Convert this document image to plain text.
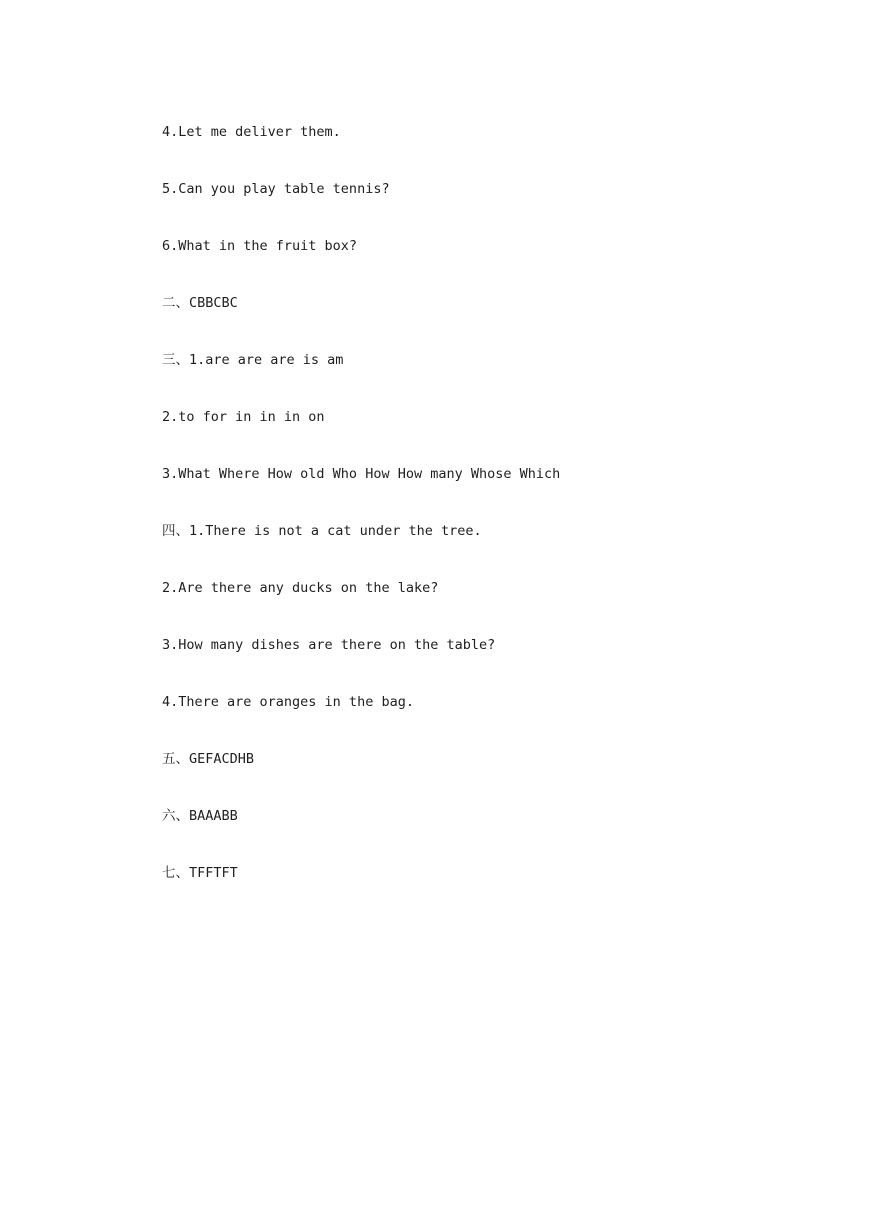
4.Let me deliver them.
5.Can you play table tennis?
6.What in the fruit box?
二、CBBCBC
三、1.are are are is am
2.to for in in in on
3.What Where How old Who How How many Whose Which
四、1.There is not a cat under the tree.
2.Are there any ducks on the lake?
3.How many dishes are there on the table?
4.There are oranges in the bag.
五、GEFACDHB
六、BAAABB
七、TFFTFT
